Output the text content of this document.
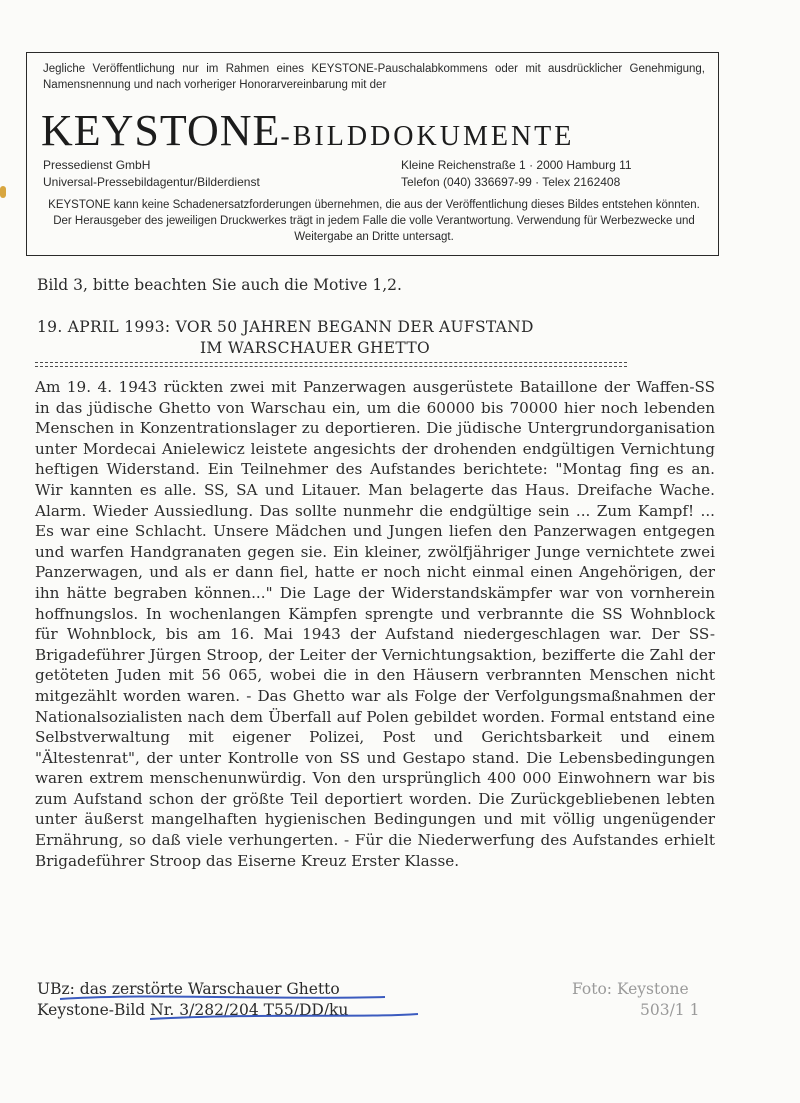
Jegliche Veröffentlichung nur im Rahmen eines KEYSTONE-Pauschalabkommens oder mit ausdrücklicher Genehmigung, Namensnennung und nach vorheriger Honorarvereinbarung mit der
KEYSTONE-BILDDOKUMENTE
Pressedienst GmbH
Universal-Pressebildagentur/Bilderdienst
Kleine Reichenstraße 1 · 2000 Hamburg 11
Telefon (040) 336697-99 · Telex 2162408
KEYSTONE kann keine Schadenersatzforderungen übernehmen, die aus der Veröffentlichung dieses Bildes entstehen könnten. Der Herausgeber des jeweiligen Druckwerkes trägt in jedem Falle die volle Verantwortung. Verwendung für Werbezwecke und Weitergabe an Dritte untersagt.
Bild 3, bitte beachten Sie auch die Motive 1,2.
19. APRIL 1993: VOR 50 JAHREN BEGANN DER AUFSTAND
IM WARSCHAUER GHETTO
Am 19. 4. 1943 rückten zwei mit Panzerwagen ausgerüstete Bataillone der Waffen-SS in das jüdische Ghetto von Warschau ein, um die 60000 bis 70000 hier noch lebenden Menschen in Konzentrationslager zu deportieren. Die jüdische Untergrundorganisation unter Mordecai Anielewicz leistete angesichts der drohenden endgültigen Vernichtung heftigen Widerstand. Ein Teilnehmer des Aufstandes berichtete: "Montag fing es an. Wir kannten es alle. SS, SA und Litauer. Man belagerte das Haus. Dreifache Wache. Alarm. Wieder Aussiedlung. Das sollte nunmehr die endgültige sein ... Zum Kampf! ... Es war eine Schlacht. Unsere Mädchen und Jungen liefen den Panzerwagen entgegen und warfen Handgranaten gegen sie. Ein kleiner, zwölfjähriger Junge vernichtete zwei Panzerwagen, und als er dann fiel, hatte er noch nicht einmal einen Angehörigen, der ihn hätte begraben können..." Die Lage der Widerstandskämpfer war von vornherein hoffnungslos. In wochenlangen Kämpfen sprengte und verbrannte die SS Wohnblock für Wohnblock, bis am 16. Mai 1943 der Aufstand niedergeschlagen war. Der SS-Brigadeführer Jürgen Stroop, der Leiter der Vernichtungsaktion, bezifferte die Zahl der getöteten Juden mit 56 065, wobei die in den Häusern verbrannten Menschen nicht mitgezählt worden waren. - Das Ghetto war als Folge der Verfolgungsmaßnahmen der Nationalsozialisten nach dem Überfall auf Polen gebildet worden. Formal entstand eine Selbstverwaltung mit eigener Polizei, Post und Gerichtsbarkeit und einem "Ältestenrat", der unter Kontrolle von SS und Gestapo stand. Die Lebensbedingungen waren extrem menschenunwürdig. Von den ursprünglich 400 000 Einwohnern war bis zum Aufstand schon der größte Teil deportiert worden. Die Zurückgebliebenen lebten unter äußerst mangelhaften hygienischen Bedingungen und mit völlig ungenügender Ernährung, so daß viele verhungerten. - Für die Niederwerfung des Aufstandes erhielt Brigadeführer Stroop das Eiserne Kreuz Erster Klasse.
UBz: das zerstörte Warschauer Ghetto	Foto: Keystone
Keystone-Bild Nr. 3/282/204 T55/DD/ku	503/1 1
